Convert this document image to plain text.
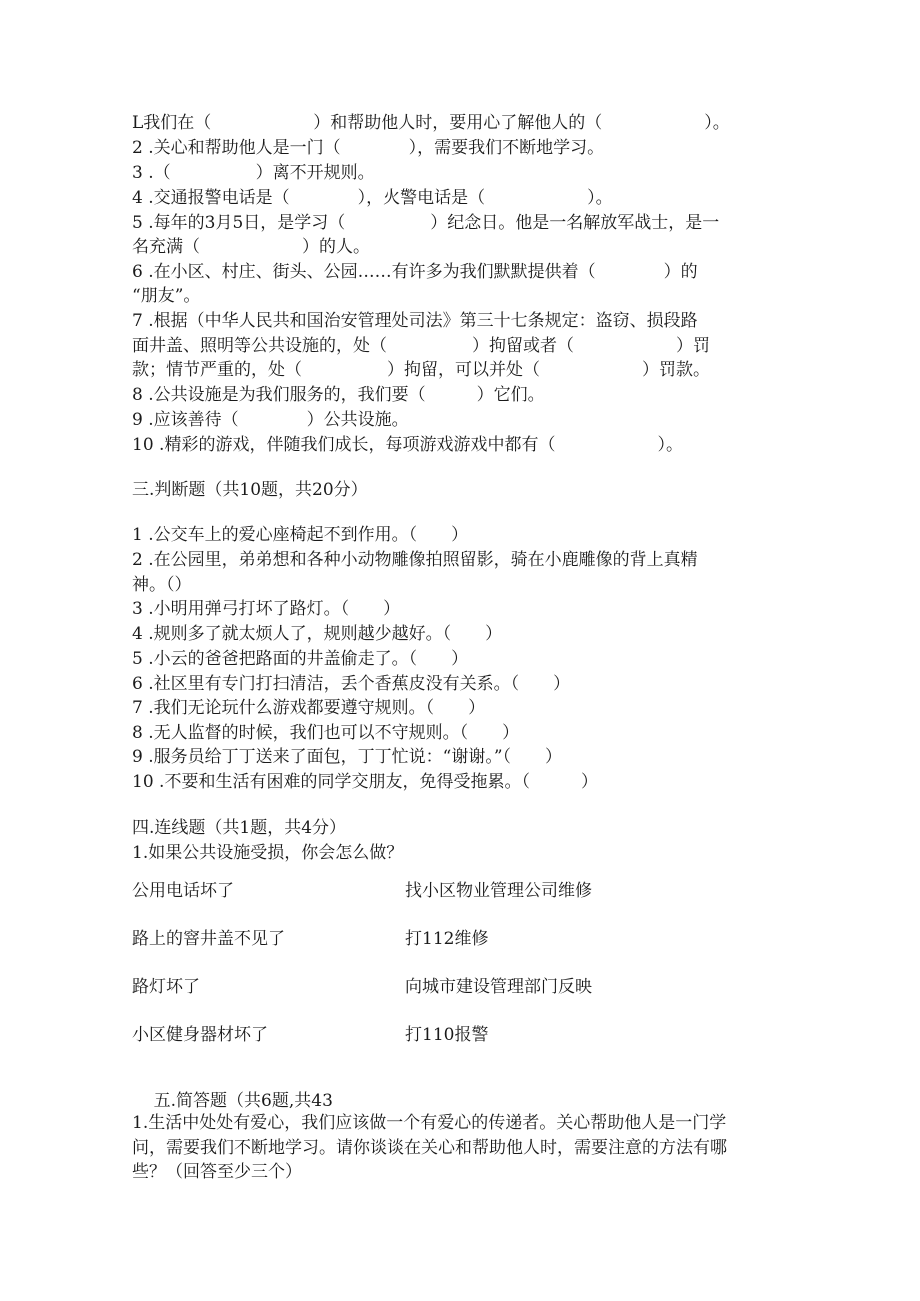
L我们在（　　　　　　）和帮助他人时，要用心了解他人的（　　　　　　）。
2 .关心和帮助他人是一门（　　　　），需要我们不断地学习。
3 .（　　　　　）离不开规则。
4 .交通报警电话是（　　　　），火警电话是（　　　　　　）。
5 .每年的3月5日，是学习（　　　　　）纪念日。他是一名解放军战士，是一
名充满（　　　　　　）的人。
6 .在小区、村庄、街头、公园……有许多为我们默默提供着（　　　　）的
“朋友”。
7 .根据（中华人民共和国治安管理处司法》第三十七条规定：盗窃、损段路
面井盖、照明等公共设施的，处（　　　　　）拘留或者（　　　　　　）罚
款；情节严重的，处（　　　　　）拘留，可以并处（　　　　　　）罚款。
8 .公共设施是为我们服务的，我们要（　　　）它们。
9 .应该善待（　　　　）公共设施。
10 .精彩的游戏，伴随我们成长，每项游戏游戏中都有（　　　　　　）。
三.判断题（共10题，共20分）
1 .公交车上的爱心座椅起不到作用。（　　）
2 .在公园里，弟弟想和各种小动物雕像拍照留影，骑在小鹿雕像的背上真精
神。（）
3 .小明用弹弓打坏了路灯。（　　）
4 .规则多了就太烦人了，规则越少越好。（　　）
5 .小云的爸爸把路面的井盖偷走了。（　　）
6 .社区里有专门打扫清洁，丢个香蕉皮没有关系。（　　）
7 .我们无论玩什么游戏都要遵守规则。（　　）
8 .无人监督的时候，我们也可以不守规则。（　　）
9 .服务员给丁丁送来了面包，丁丁忙说：“谢谢。”（　　）
10 .不要和生活有困难的同学交朋友，免得受拖累。（　　　）
四.连线题（共1题，共4分）
1.如果公共设施受损，你会怎么做？
公用电话坏了	找小区物业管理公司维修
路上的窨井盖不见了	打112维修
路灯坏了	向城市建设管理部门反映
小区健身器材坏了	打110报警

五.简答题（共6题,共43

1.生活中处处有爱心，我们应该做一个有爱心的传递者。关心帮助他人是一门学
问，需要我们不断地学习。请你谈谈在关心和帮助他人时，需要注意的方法有哪
些？（回答至少三个）
